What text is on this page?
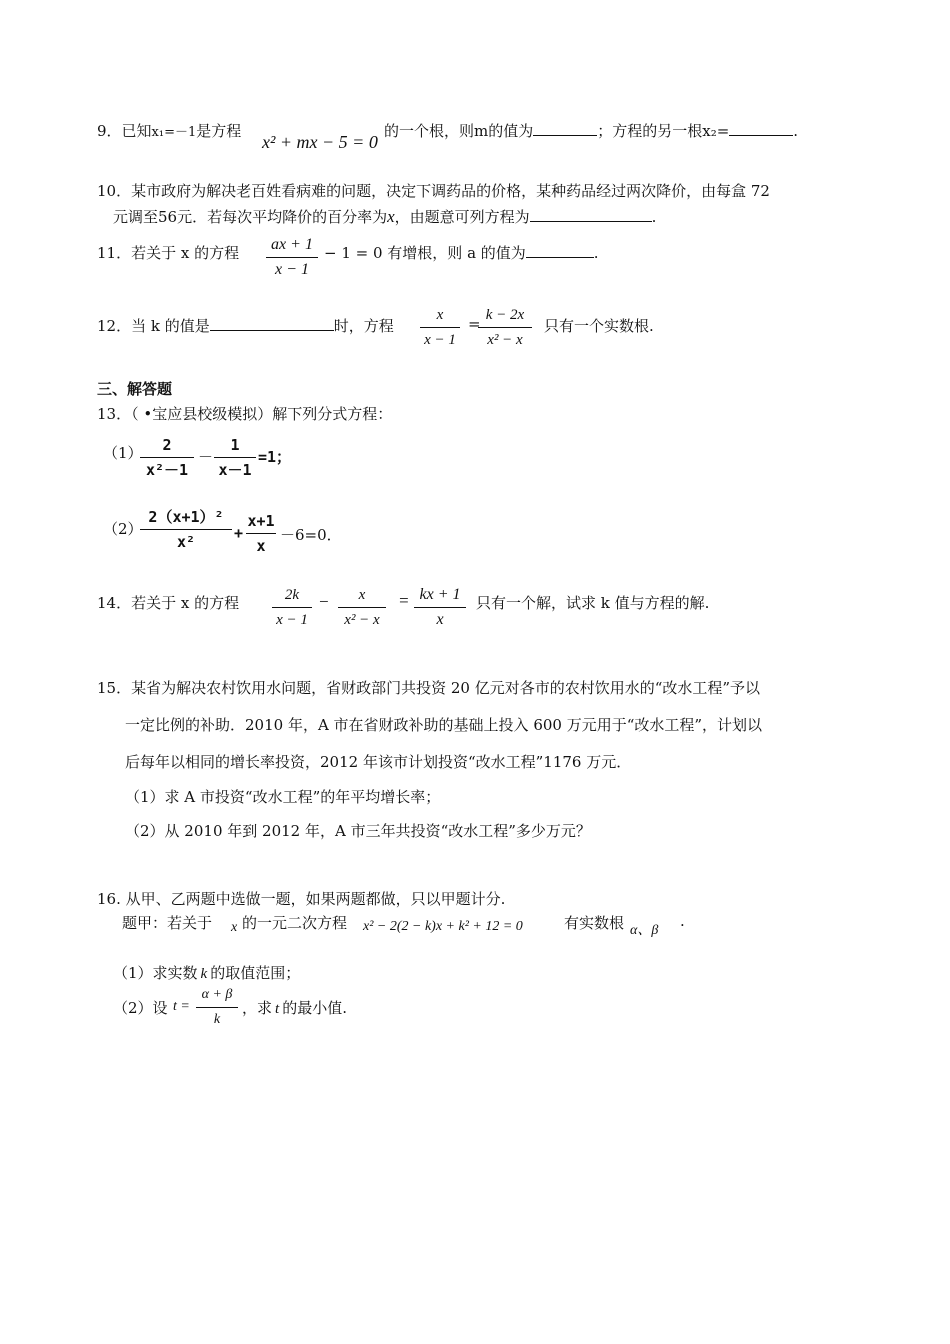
9．已知x₁=－1是方程
x² + mx − 5 = 0
的一个根，则m的值为	；方程的另一根x₂=	.
10．某市政府为解决老百姓看病难的问题，决定下调药品的价格，某种药品经过两次降价，由每盒 72
元调至56元．若每次平均降价的百分率为x，由题意可列方程为	.
11．若关于 x 的方程	ax + 1
x − 1
− 1 = 0 有增根，则 a 的值为	.
12．当 k 的值是	时，方程
x
x − 1
= k − 2x
x² − x
只有一个实数根.
三、解答题
13．（ •宝应县校级模拟）解下列分式方程：
（1）	2
x²－1
－
1
x－1
=1；
（2）
2（x+1）²
x²	+
x+1
x
－6=0．
14．若关于 x 的方程	2k
x − 1
−	x
x² − x
= kx + 1
x
只有一个解，试求 k 值与方程的解.
15．某省为解决农村饮用水问题，省财政部门共投资 20 亿元对各市的农村饮用水的“改水工程”予以
一定比例的补助．2010 年，A 市在省财政补助的基础上投入 600 万元用于“改水工程”，计划以
后每年以相同的增长率投资，2012 年该市计划投资“改水工程”1176 万元．
（1）求 A 市投资“改水工程”的年平均增长率；
（2）从 2010 年到 2012 年，A 市三年共投资“改水工程”多少万元？
16. 从甲、乙两题中选做一题，如果两题都做，只以甲题计分.
题甲：若关于 x 的一元二次方程 x² − 2(2 − k)x + k² + 12 = 0	有实数根 α、β ·
（1）求实数 k 的取值范围；
（2）设 t =
α + β
k
，求 t 的最小值.
